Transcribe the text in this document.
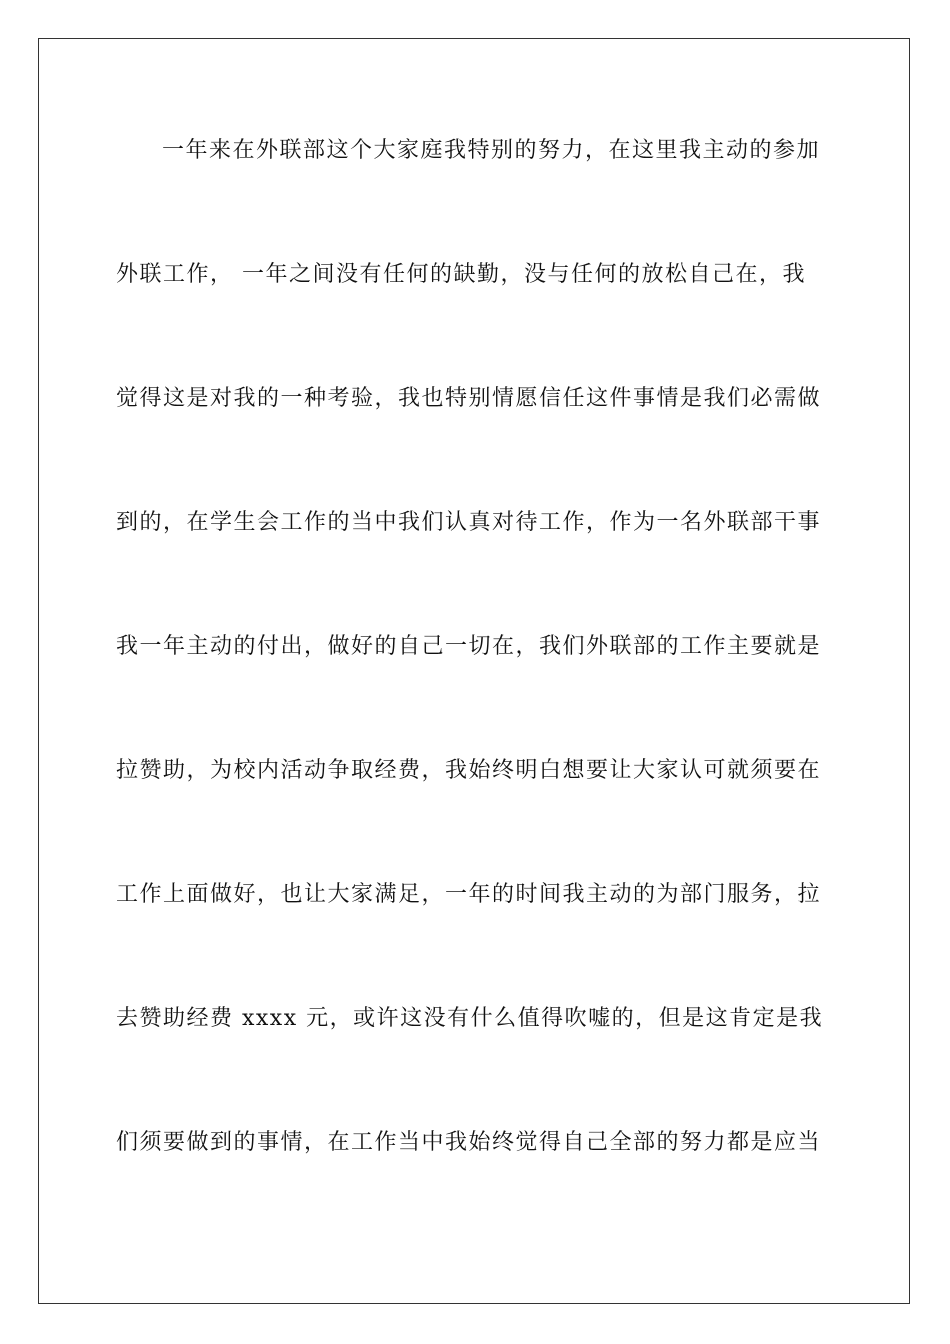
一年来在外联部这个大家庭我特别的努力，在这里我主动的参加
外联工作， 一年之间没有任何的缺勤，没与任何的放松自己在，我
觉得这是对我的一种考验，我也特别情愿信任这件事情是我们必需做
到的，在学生会工作的当中我们认真对待工作，作为一名外联部干事
我一年主动的付出，做好的自己一切在，我们外联部的工作主要就是
拉赞助，为校内活动争取经费，我始终明白想要让大家认可就须要在
工作上面做好，也让大家满足，一年的时间我主动的为部门服务，拉
去赞助经费 xxxx 元，或许这没有什么值得吹嘘的，但是这肯定是我
们须要做到的事情，在工作当中我始终觉得自己全部的努力都是应当
